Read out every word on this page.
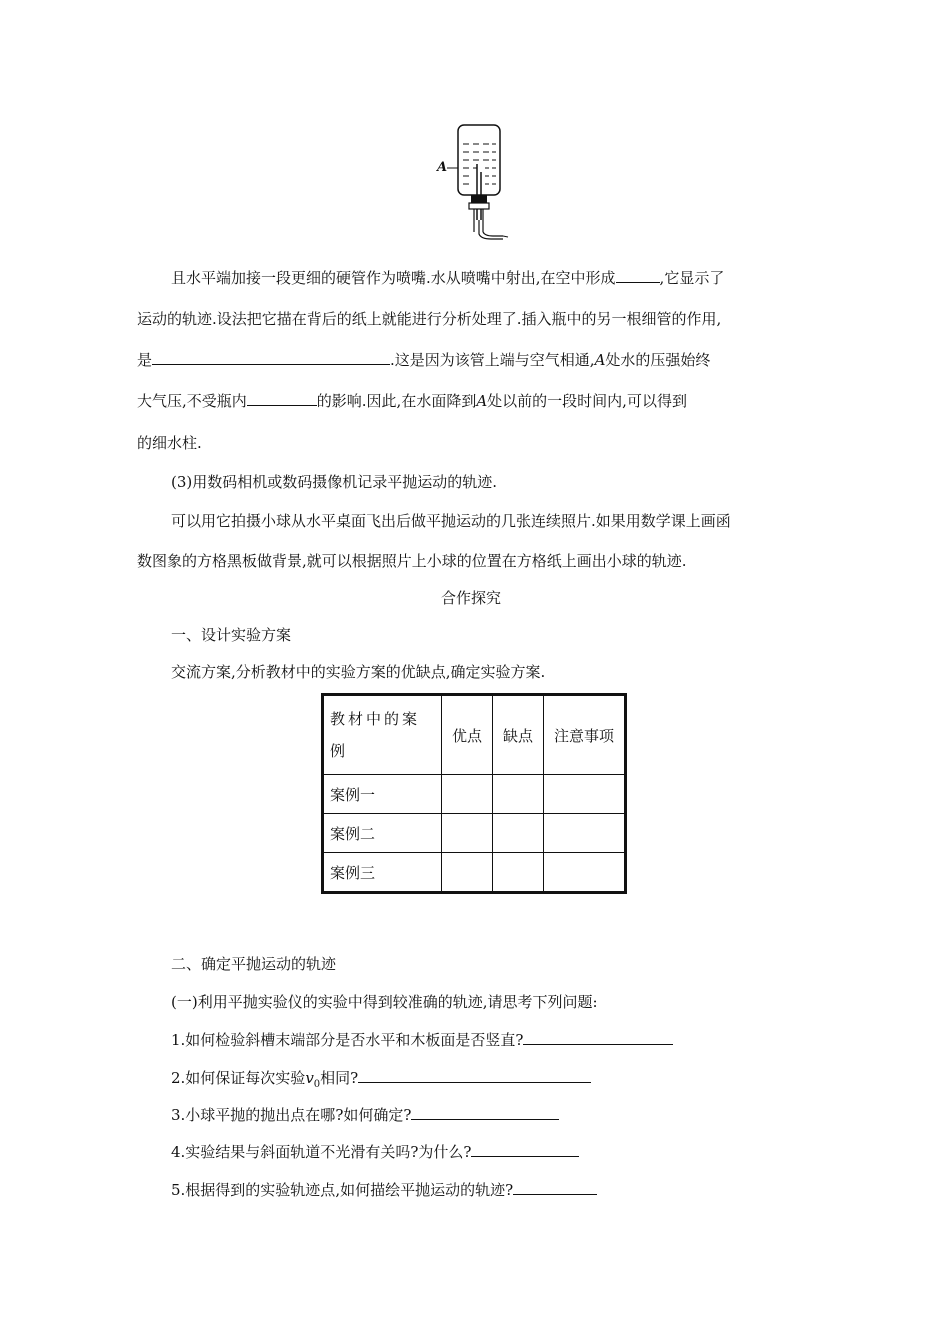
A
且水平端加接一段更细的硬管作为喷嘴.水从喷嘴中射出,在空中形成	,它显示了
运动的轨迹.设法把它描在背后的纸上就能进行分析处理了.插入瓶中的另一根细管的作用,
是	.这是因为该管上端与空气相通,A处水的压强始终
大气压,不受瓶内	的影响.因此,在水面降到A处以前的一段时间内,可以得到
的细水柱.
(3)用数码相机或数码摄像机记录平抛运动的轨迹.
可以用它拍摄小球从水平桌面飞出后做平抛运动的几张连续照片.如果用数学课上画函
数图象的方格黑板做背景,就可以根据照片上小球的位置在方格纸上画出小球的轨迹.
合作探究
一、设计实验方案
交流方案,分析教材中的实验方案的优缺点,确定实验方案.
教材中的案例	优点	缺点	注意事项
案例一			
案例二			
案例三			
二、确定平抛运动的轨迹
(一)利用平抛实验仪的实验中得到较准确的轨迹,请思考下列问题:
1.如何检验斜槽末端部分是否水平和木板面是否竖直?
2.如何保证每次实验$v_0$相同?
3.小球平抛的抛出点在哪?如何确定?
4.实验结果与斜面轨道不光滑有关吗?为什么?
5.根据得到的实验轨迹点,如何描绘平抛运动的轨迹?
